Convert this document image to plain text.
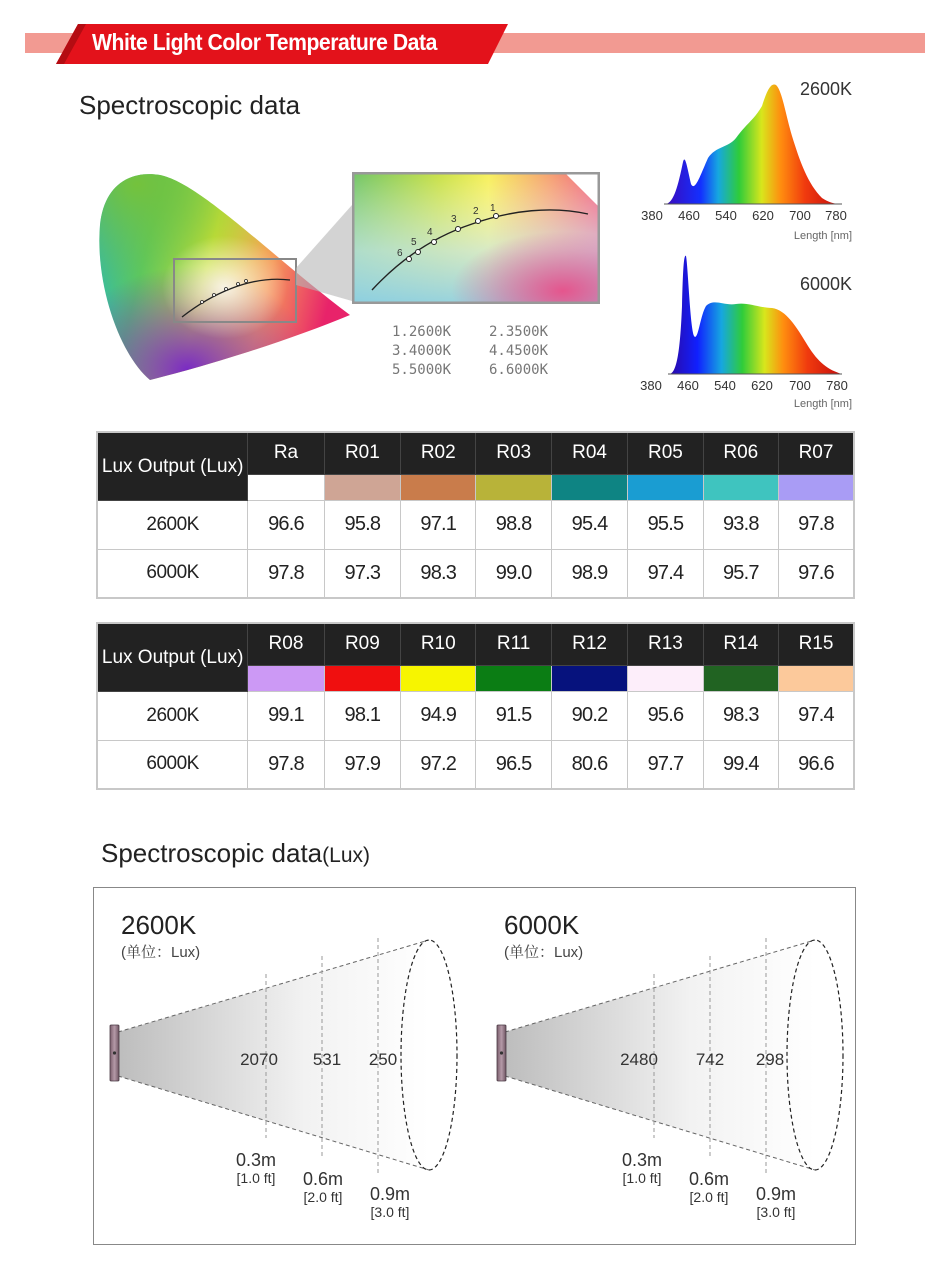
White Light Color Temperature Data
Spectroscopic data
6
5
4
3
2 1
1.2600K	2.3500K
3.4000K	4.4500K
5.5000K	6.6000K
2600K
380 460 540 620 700 780
Length [nm]
6000K
380 460 540 620 700 780
Length [nm]
Lux Output (Lux)	Ra	R01	R02	R03	R04	R05	R06	R07

2600K	96.6	95.8	97.1	98.8	95.4	95.5	93.8	97.8
6000K	97.8	97.3	98.3	99.0	98.9	97.4	95.7	97.6
Lux Output (Lux)	R08	R09	R10	R11	R12	R13	R14	R15

2600K	99.1	98.1	94.9	91.5	90.2	95.6	98.3	97.4
6000K	97.8	97.9	97.2	96.5	80.6	97.7	99.4	96.6
Spectroscopic data(Lux)
2600K
(单位：Lux)
2070 531 250
0.3m
[1.0 ft] 0.6m
[2.0 ft] 0.9m
[3.0 ft]
6000K
(单位：Lux)
2480 742 298
0.3m
[1.0 ft] 0.6m
[2.0 ft] 0.9m
[3.0 ft]
